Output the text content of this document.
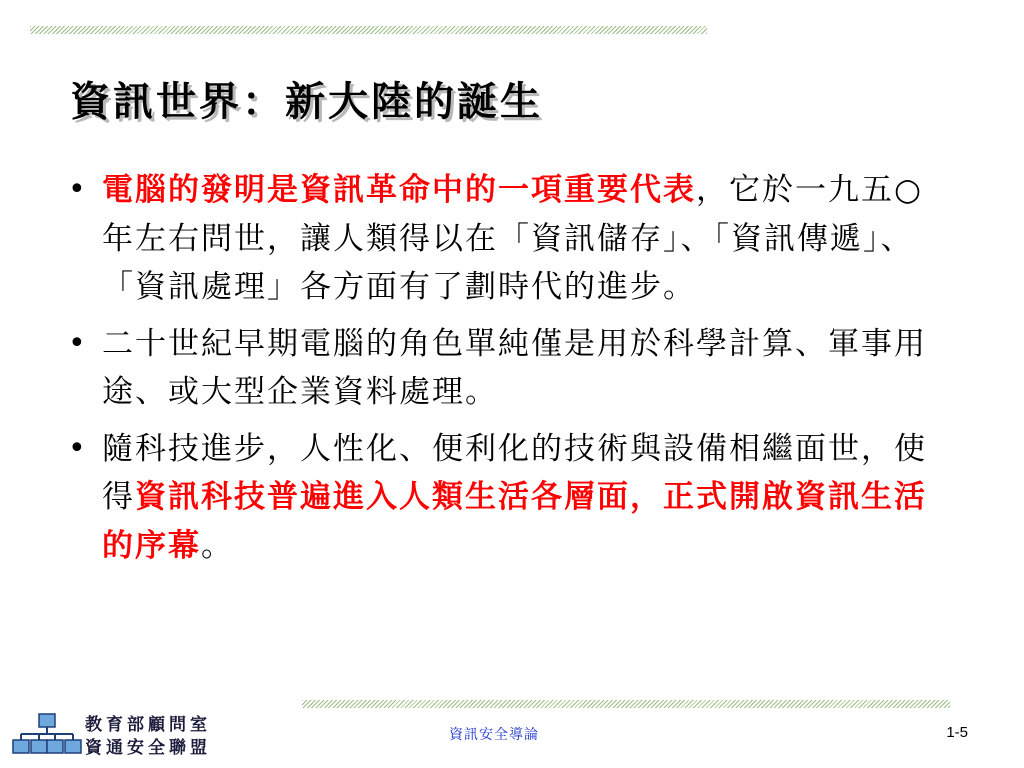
資訊世界：新大陸的誕生
• 電腦的發明是資訊革命中的一項重要代表，它於一九五○年左右問世，讓人類得以在「資訊儲存」、「資訊傳遞」、「資訊處理」各方面有了劃時代的進步。
• 二十世紀早期電腦的角色單純僅是用於科學計算、軍事用途、或大型企業資料處理。
• 隨科技進步，人性化、便利化的技術與設備相繼面世，使得資訊科技普遍進入人類生活各層面，正式開啟資訊生活的序幕。
教育部顧問室
資通安全聯盟
資訊安全導論	1-5
